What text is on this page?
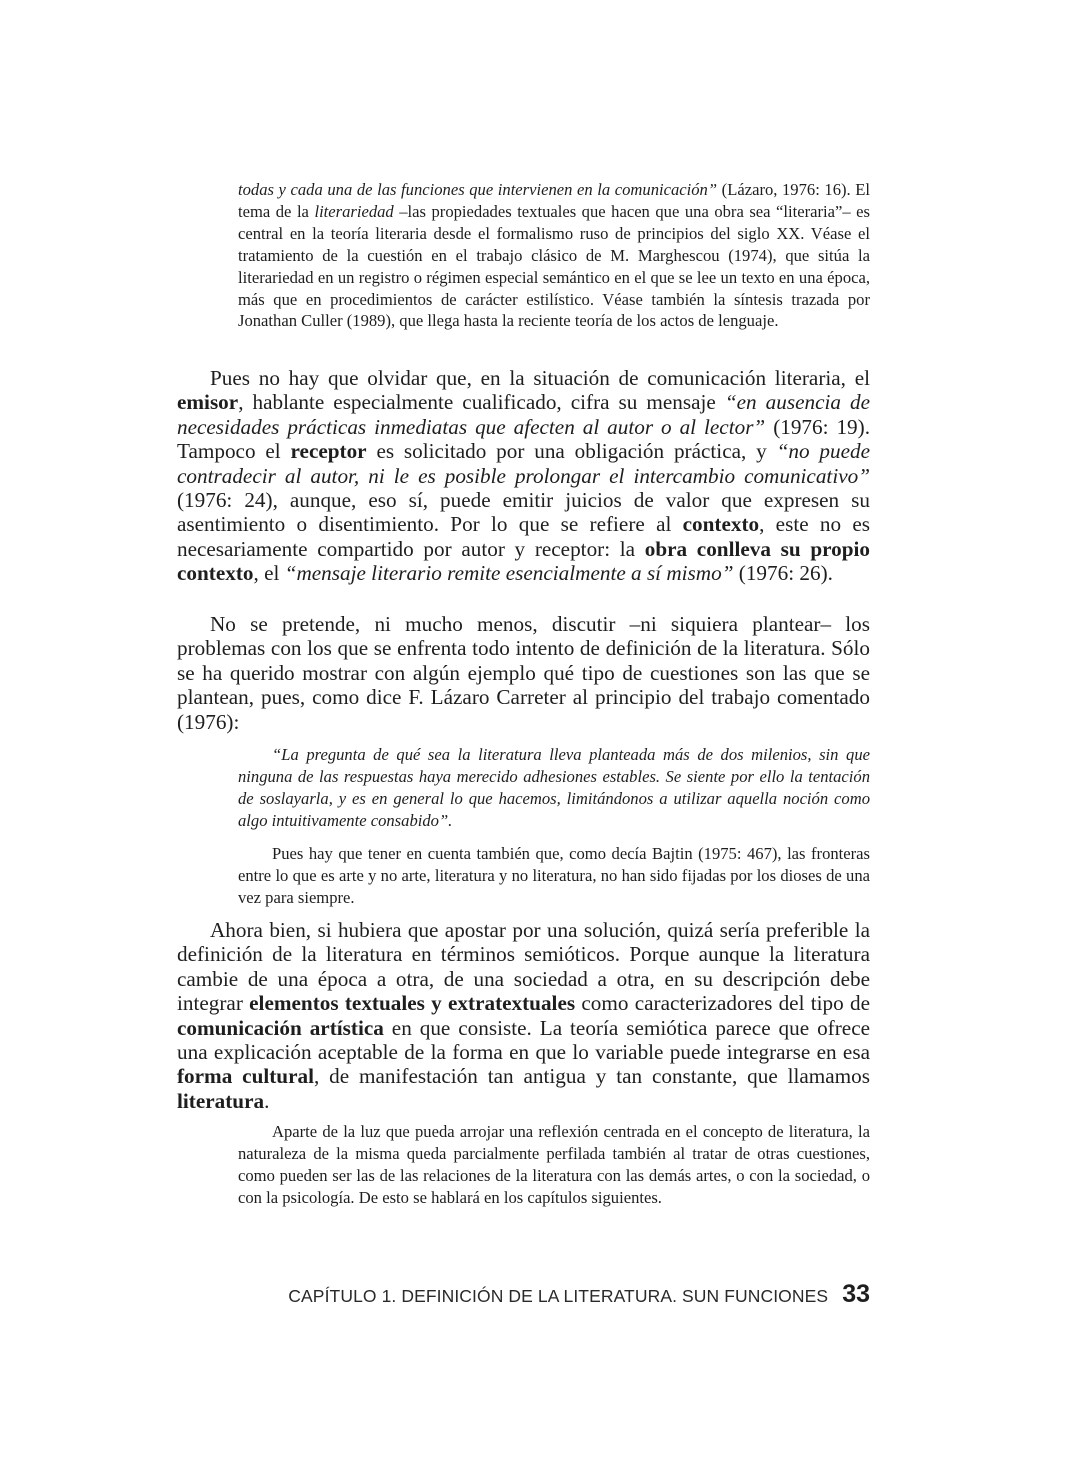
todas y cada una de las funciones que intervienen en la comunicación” (Lázaro, 1976: 16). El tema de la literariedad –las propiedades textuales que hacen que una obra sea “literaria”– es central en la teoría literaria desde el formalismo ruso de principios del siglo XX. Véase el tratamiento de la cuestión en el trabajo clásico de M. Marghescou (1974), que sitúa la literariedad en un registro o régimen especial semántico en el que se lee un texto en una época, más que en procedimientos de carácter estilístico. Véase también la síntesis trazada por Jonathan Culler (1989), que llega hasta la reciente teoría de los actos de lenguaje.

Pues no hay que olvidar que, en la situación de comunicación literaria, el emisor, hablante especialmente cualificado, cifra su mensaje “en ausencia de necesidades prácticas inmediatas que afecten al autor o al lector” (1976: 19). Tampoco el receptor es solicitado por una obligación práctica, y “no puede contradecir al autor, ni le es posible prolongar el intercambio comunicativo” (1976: 24), aunque, eso sí, puede emitir juicios de valor que expresen su asentimiento o disentimiento. Por lo que se refiere al contexto, este no es necesariamente compartido por autor y receptor: la obra conlleva su propio contexto, el “mensaje literario remite esencialmente a sí mismo” (1976: 26).

No se pretende, ni mucho menos, discutir –ni siquiera plantear– los problemas con los que se enfrenta todo intento de definición de la literatura. Sólo se ha querido mostrar con algún ejemplo qué tipo de cuestiones son las que se plantean, pues, como dice F. Lázaro Carreter al principio del trabajo comentado (1976):

“La pregunta de qué sea la literatura lleva planteada más de dos milenios, sin que ninguna de las respuestas haya merecido adhesiones estables. Se siente por ello la tentación de soslayarla, y es en general lo que hacemos, limitándonos a utilizar aquella noción como algo intuitivamente consabido”.

Pues hay que tener en cuenta también que, como decía Bajtin (1975: 467), las fronteras entre lo que es arte y no arte, literatura y no literatura, no han sido fijadas por los dioses de una vez para siempre.

Ahora bien, si hubiera que apostar por una solución, quizá sería preferible la definición de la literatura en términos semióticos. Porque aunque la literatura cambie de una época a otra, de una sociedad a otra, en su descripción debe integrar elementos textuales y extratextuales como caracterizadores del tipo de comunicación artística en que consiste. La teoría semiótica parece que ofrece una explicación aceptable de la forma en que lo variable puede integrarse en esa forma cultural, de manifestación tan antigua y tan constante, que llamamos literatura.

Aparte de la luz que pueda arrojar una reflexión centrada en el concepto de literatura, la naturaleza de la misma queda parcialmente perfilada también al tratar de otras cuestiones, como pueden ser las de las relaciones de la literatura con las demás artes, o con la sociedad, o con la psicología. De esto se hablará en los capítulos siguientes.

CAPÍTULO 1. DEFINICIÓN DE LA LITERATURA. SUN FUNCIONES 33
